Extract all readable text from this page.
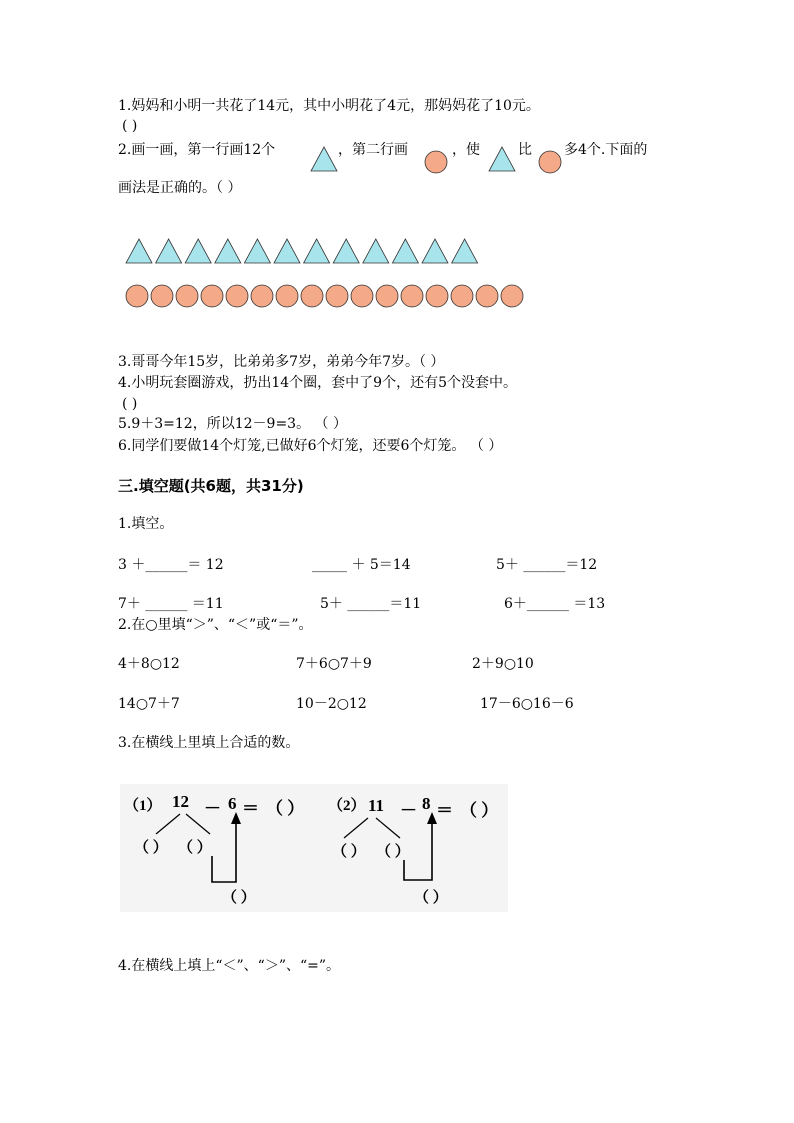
1.妈妈和小明一共花了14元，其中小明花了4元，那妈妈花了10元。
( )
2.画一画，第一行画12个	，第二行画	，使	比 多4个.下面的
画法是正确的。（ ）
3.哥哥今年15岁，比弟弟多7岁，弟弟今年7岁。（ ）
4.小明玩套圈游戏，扔出14个圈，套中了9个，还有5个没套中。
( )
5.9＋3=12，所以12－9=3。 （ ）
6.同学们要做14个灯笼,已做好6个灯笼，还要6个灯笼。 （ ）
三.填空题(共6题，共31分)
1.填空。
3 ＋______＝ 12	_____ ＋ 5＝14	5＋ ______＝12
7＋ ______ ＝11	5＋ ______＝11	6＋______ ＝13
2.在○里填“＞”、“＜”或“＝”。
4＋8○12	7＋6○7＋9	2＋9○10
14○7＋7	10－2○12	17－6○16－6
3.在横线上里填上合适的数。
（1） 12 － 6 ＝ （ ）
（ ） （ ）
（ ）
（2） 11 － 8 ＝ （ ）
（ ） （ ）
（ ）
4.在横线上填上“＜”、“＞”、“=”。
